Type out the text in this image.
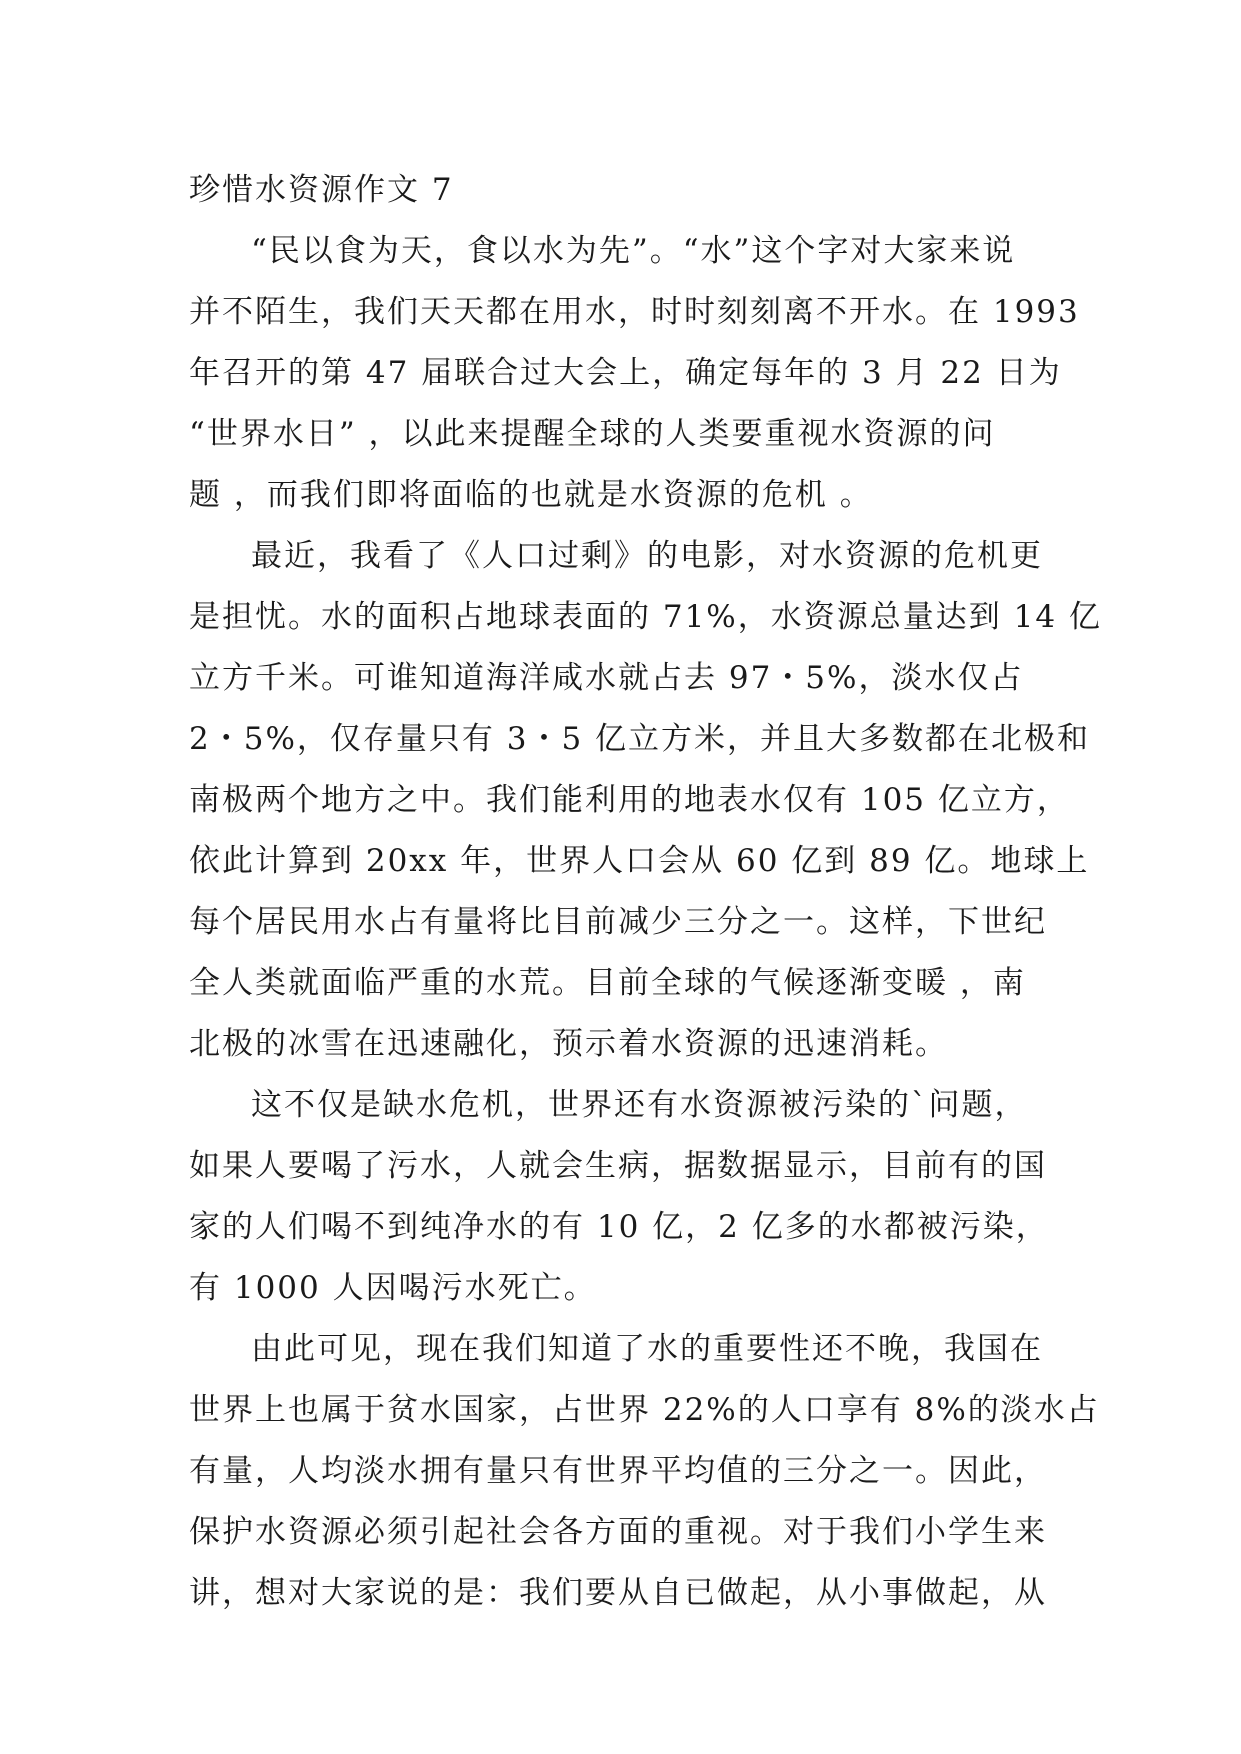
珍惜水资源作文 7

“民以食为天，食以水为先”。“水”这个字对大家来说
并不陌生，我们天天都在用水，时时刻刻离不开水。在 1993
年召开的第 47 届联合过大会上，确定每年的 3 月 22 日为
“世界水日” ，以此来提醒全球的人类要重视水资源的问
题 ，而我们即将面临的也就是水资源的危机 。

最近，我看了《人口过剩》的电影，对水资源的危机更
是担忧。水的面积占地球表面的 71%，水资源总量达到 14 亿
立方千米。可谁知道海洋咸水就占去 97・5%，淡水仅占
2・5%，仅存量只有 3・5 亿立方米，并且大多数都在北极和
南极两个地方之中。我们能利用的地表水仅有 105 亿立方，
依此计算到 20xx 年，世界人口会从 60 亿到 89 亿。地球上
每个居民用水占有量将比目前减少三分之一。这样，下世纪
全人类就面临严重的水荒。目前全球的气候逐渐变暖 ，南
北极的冰雪在迅速融化，预示着水资源的迅速消耗。

这不仅是缺水危机，世界还有水资源被污染的`问题，
如果人要喝了污水，人就会生病，据数据显示，目前有的国
家的人们喝不到纯净水的有 10 亿，2 亿多的水都被污染，
有 1000 人因喝污水死亡。

由此可见，现在我们知道了水的重要性还不晚，我国在
世界上也属于贫水国家，占世界 22%的人口享有 8%的淡水占
有量，人均淡水拥有量只有世界平均值的三分之一。因此，
保护水资源必须引起社会各方面的重视。对于我们小学生来
讲，想对大家说的是：我们要从自已做起，从小事做起，从
